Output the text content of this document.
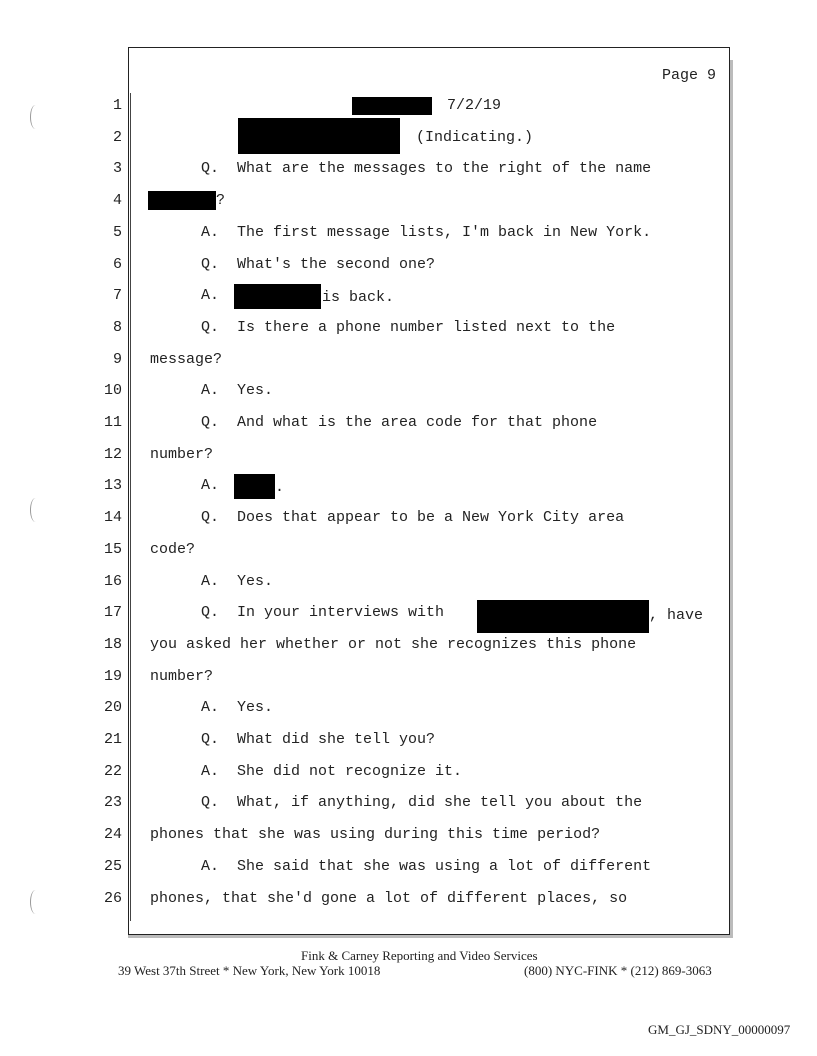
Page 9
1
2	(Indicating.)
3	Q.  What are the messages to the right of the name
4	?
5	A.  The first message lists, I'm back in New York.
6	Q.  What's the second one?
7	A.
8	Q.  Is there a phone number listed next to the
9 message?
10	A.  Yes.
11	Q.  And what is the area code for that phone
12 number?
13	A.
14	Q.  Does that appear to be a New York City area
15 code?
16	A.  Yes.
17	Q.  In your interviews with
18 you asked her whether or not she recognizes this phone
19 number?
20	A.  Yes.
21	Q.  What did she tell you?
22	A.  She did not recognize it.
23	Q.  What, if anything, did she tell you about the
24 phones that she was using during this time period?
25	A.  She said that she was using a lot of different
26 phones, that she'd gone a lot of different places, so
7/2/19
is back.
.
, have
Fink & Carney Reporting and Video Services
39 West 37th Street * New York, New York 10018	(800) NYC-FINK * (212) 869-3063
GM_GJ_SDNY_00000097
